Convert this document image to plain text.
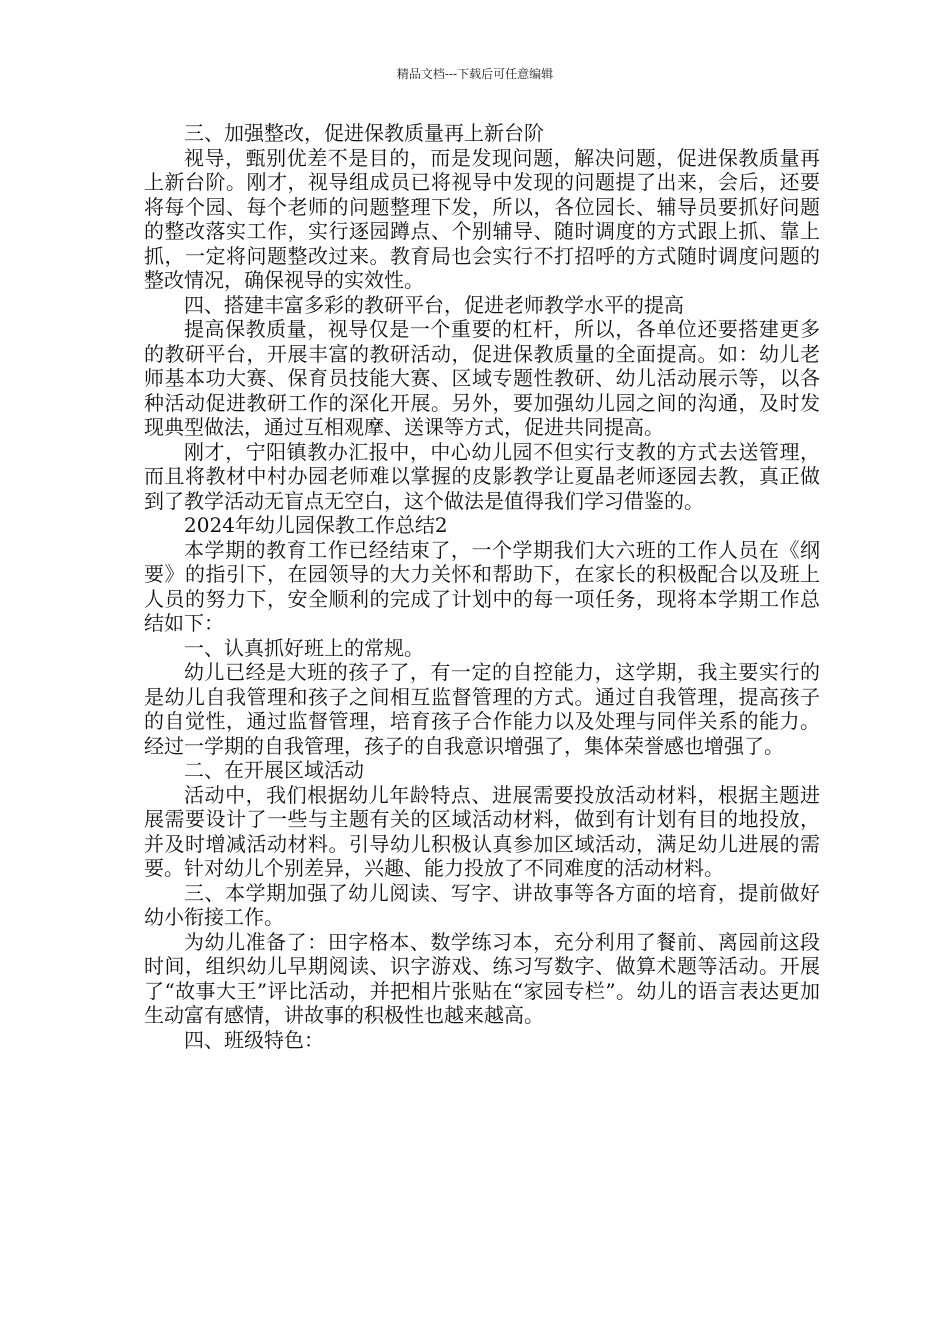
精品文档---下载后可任意编辑

三、加强整改，促进保教质量再上新台阶

视导，甄别优差不是目的，而是发现问题，解决问题，促进保教质量再上新台阶。刚才，视导组成员已将视导中发现的问题提了出来，会后，还要将每个园、每个老师的问题整理下发，所以，各位园长、辅导员要抓好问题的整改落实工作，实行逐园蹲点、个别辅导、随时调度的方式跟上抓、靠上抓，一定将问题整改过来。教育局也会实行不打招呼的方式随时调度问题的整改情况，确保视导的实效性。

四、搭建丰富多彩的教研平台，促进老师教学水平的提高

提高保教质量，视导仅是一个重要的杠杆，所以，各单位还要搭建更多的教研平台，开展丰富的教研活动，促进保教质量的全面提高。如：幼儿老师基本功大赛、保育员技能大赛、区域专题性教研、幼儿活动展示等，以各种活动促进教研工作的深化开展。另外，要加强幼儿园之间的沟通，及时发现典型做法，通过互相观摩、送课等方式，促进共同提高。

刚才，宁阳镇教办汇报中，中心幼儿园不但实行支教的方式去送管理，而且将教材中村办园老师难以掌握的皮影教学让夏晶老师逐园去教，真正做到了教学活动无盲点无空白，这个做法是值得我们学习借鉴的。

2024年幼儿园保教工作总结2

本学期的教育工作已经结束了，一个学期我们大六班的工作人员在《纲要》的指引下，在园领导的大力关怀和帮助下，在家长的积极配合以及班上人员的努力下，安全顺利的完成了计划中的每一项任务，现将本学期工作总结如下：

一、认真抓好班上的常规。

幼儿已经是大班的孩子了，有一定的自控能力，这学期，我主要实行的是幼儿自我管理和孩子之间相互监督管理的方式。通过自我管理，提高孩子的自觉性，通过监督管理，培育孩子合作能力以及处理与同伴关系的能力。经过一学期的自我管理，孩子的自我意识增强了，集体荣誉感也增强了。

二、在开展区域活动

活动中，我们根据幼儿年龄特点、进展需要投放活动材料，根据主题进展需要设计了一些与主题有关的区域活动材料，做到有计划有目的地投放，并及时增减活动材料。引导幼儿积极认真参加区域活动，满足幼儿进展的需要。针对幼儿个别差异，兴趣、能力投放了不同难度的活动材料。

三、本学期加强了幼儿阅读、写字、讲故事等各方面的培育，提前做好幼小衔接工作。

为幼儿准备了：田字格本、数学练习本，充分利用了餐前、离园前这段时间，组织幼儿早期阅读、识字游戏、练习写数字、做算术题等活动。开展了“故事大王”评比活动，并把相片张贴在“家园专栏”。幼儿的语言表达更加生动富有感情，讲故事的积极性也越来越高。

四、班级特色：
